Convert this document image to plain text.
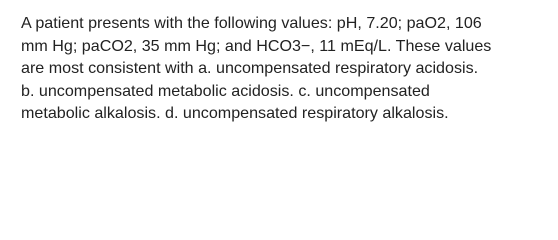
A patient presents with the following values: pH, 7.20; paO2, 106
mm Hg; paCO2, 35 mm Hg; and HCO3−, 11 mEq/L. These values
are most consistent with a. uncompensated respiratory acidosis.
b. uncompensated metabolic acidosis. c. uncompensated
metabolic alkalosis. d. uncompensated respiratory alkalosis.
